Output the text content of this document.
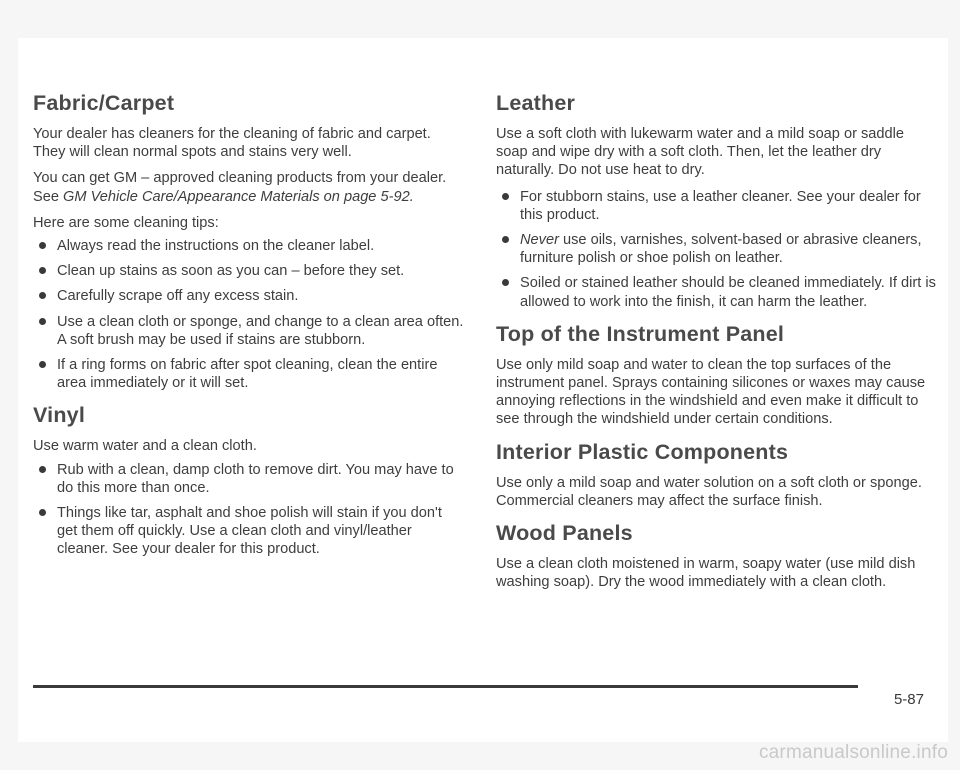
Fabric/Carpet

Your dealer has cleaners for the cleaning of fabric and carpet. They will clean normal spots and stains very well.

You can get GM – approved cleaning products from your dealer. See GM Vehicle Care/Appearance Materials on page 5-92.

Here are some cleaning tips:

Always read the instructions on the cleaner label.
Clean up stains as soon as you can – before they set.
Carefully scrape off any excess stain.
Use a clean cloth or sponge, and change to a clean area often. A soft brush may be used if stains are stubborn.
If a ring forms on fabric after spot cleaning, clean the entire area immediately or it will set.
Vinyl

Use warm water and a clean cloth.

Rub with a clean, damp cloth to remove dirt. You may have to do this more than once.
Things like tar, asphalt and shoe polish will stain if you don't get them off quickly. Use a clean cloth and vinyl/leather cleaner. See your dealer for this product.
Leather

Use a soft cloth with lukewarm water and a mild soap or saddle soap and wipe dry with a soft cloth. Then, let the leather dry naturally. Do not use heat to dry.

For stubborn stains, use a leather cleaner. See your dealer for this product.
Never use oils, varnishes, solvent-based or abrasive cleaners, furniture polish or shoe polish on leather.
Soiled or stained leather should be cleaned immediately. If dirt is allowed to work into the finish, it can harm the leather.
Top of the Instrument Panel

Use only mild soap and water to clean the top surfaces of the instrument panel. Sprays containing silicones or waxes may cause annoying reflections in the windshield and even make it difficult to see through the windshield under certain conditions.

Interior Plastic Components

Use only a mild soap and water solution on a soft cloth or sponge. Commercial cleaners may affect the surface finish.

Wood Panels

Use a clean cloth moistened in warm, soapy water (use mild dish washing soap). Dry the wood immediately with a clean cloth.

5-87
carmanualsonline.info
